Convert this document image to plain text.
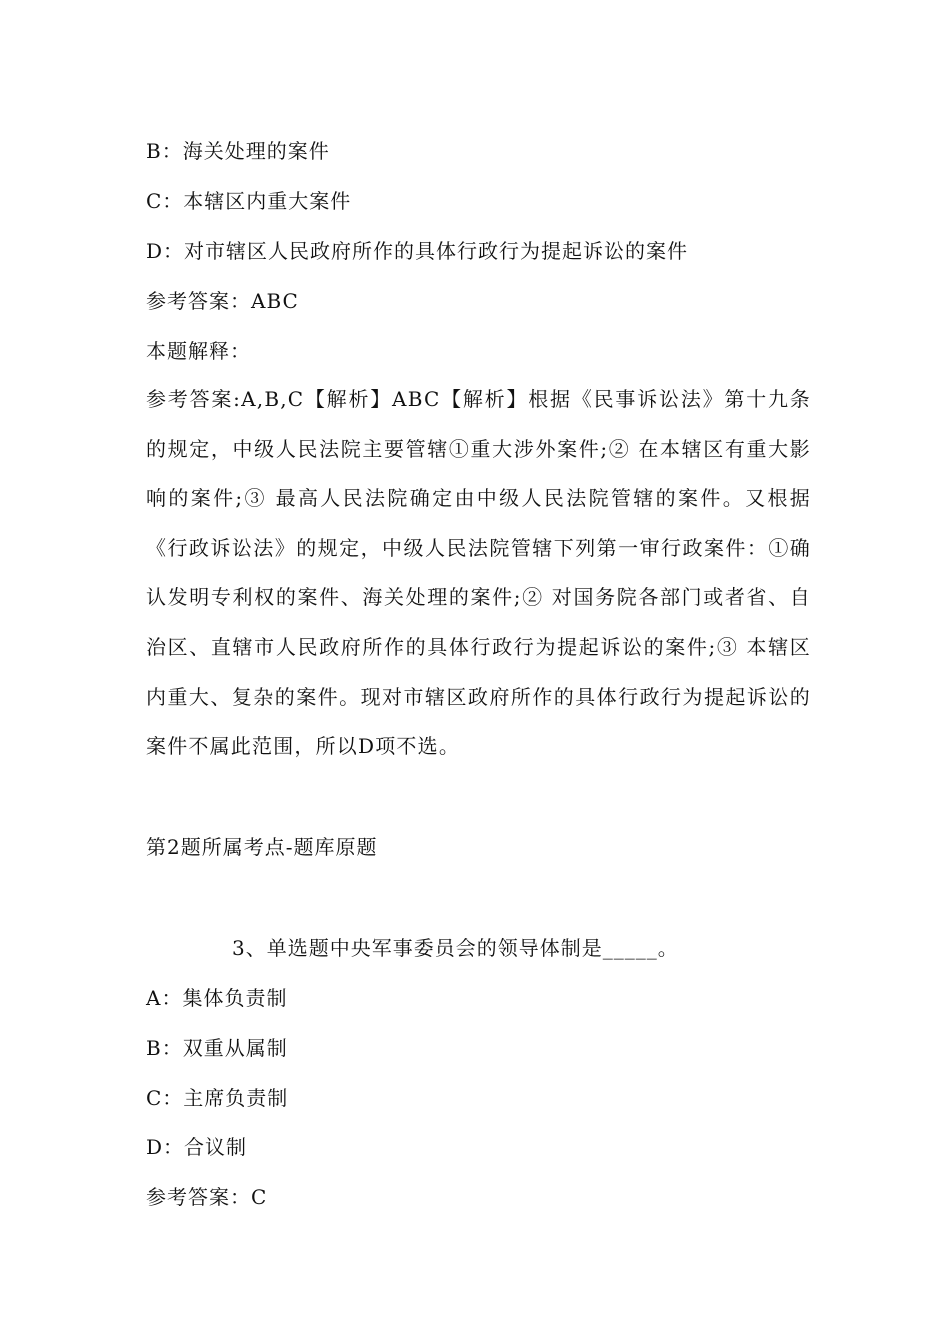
B：海关处理的案件
C：本辖区内重大案件
D：对市辖区人民政府所作的具体行政行为提起诉讼的案件
参考答案：ABC
本题解释：
参考答案:A,B,C【解析】ABC【解析】根据《民事诉讼法》第十九条的规定，中级人民法院主要管辖①重大涉外案件;② 在本辖区有重大影响的案件;③ 最高人民法院确定由中级人民法院管辖的案件。又根据《行政诉讼法》的规定，中级人民法院管辖下列第一审行政案件：①确认发明专利权的案件、海关处理的案件;② 对国务院各部门或者省、自治区、直辖市人民政府所作的具体行政行为提起诉讼的案件;③ 本辖区内重大、复杂的案件。现对市辖区政府所作的具体行政行为提起诉讼的案件不属此范围，所以D项不选。
第2题所属考点-题库原题
3、单选题中央军事委员会的领导体制是_____。
A：集体负责制
B：双重从属制
C：主席负责制
D：合议制
参考答案：C
